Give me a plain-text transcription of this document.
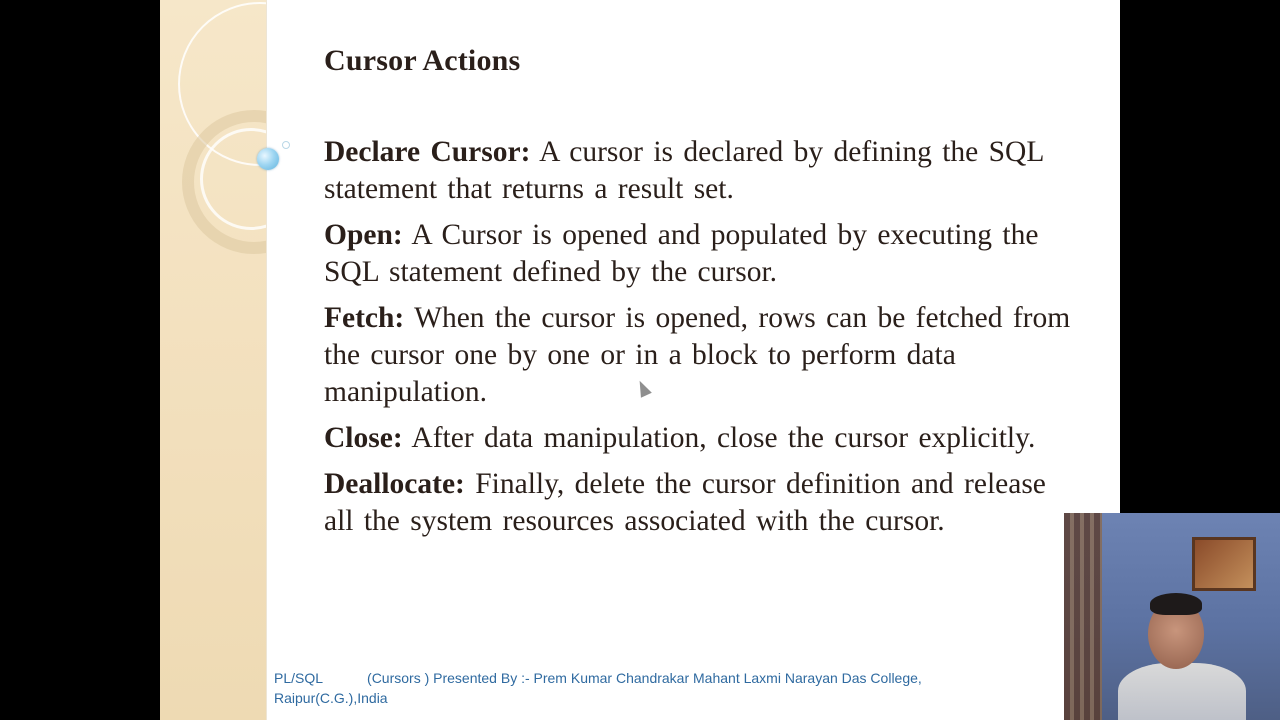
Cursor Actions

Declare Cursor: A cursor is declared by defining the SQL statement that returns a result set.

Open: A Cursor is opened and populated by executing the SQL statement defined by the cursor.

Fetch: When the cursor is opened, rows can be fetched from the cursor one by one or in a block to perform data manipulation.

Close: After data manipulation, close the cursor explicitly.

Deallocate: Finally, delete the cursor definition and release all the system resources associated with the cursor.

PL/SQL	(Cursors ) Presented By :- Prem Kumar Chandrakar Mahant Laxmi Narayan Das College, Raipur(C.G.),India
